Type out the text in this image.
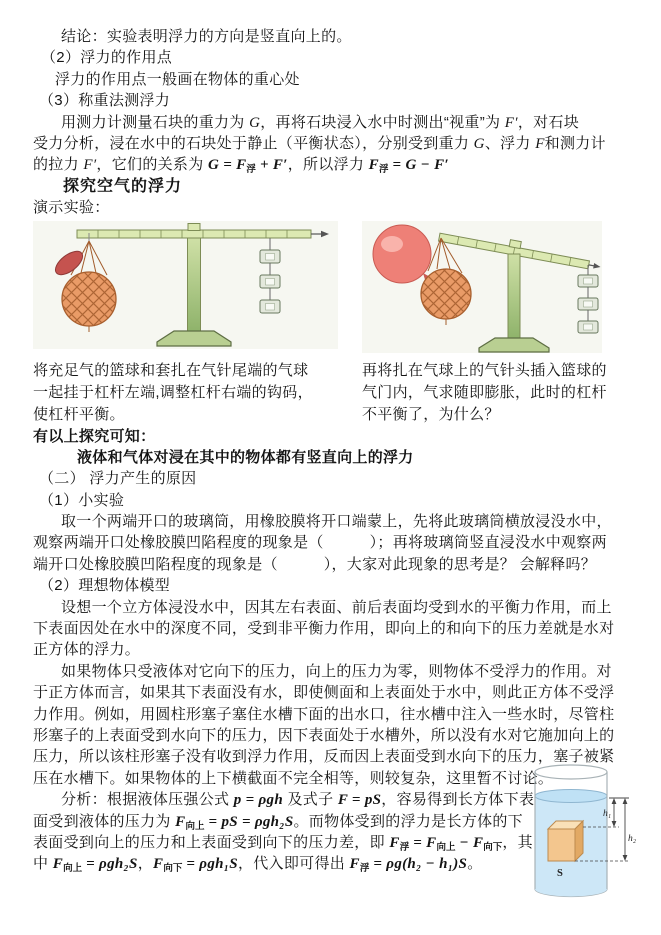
结论：实验表明浮力的方向是竖直向上的。
（2）浮力的作用点
浮力的作用点一般画在物体的重心处
（3）称重法测浮力
用测力计测量石块的重力为 G，再将石块浸入水中时测出“视重”为 F′，对石块
受力分析，浸在水中的石块处于静止（平衡状态），分别受到重力 G、浮力 F和测力计
的拉力 F′，它们的关系为 $G = F_浮 + F'$，所以浮力 $F_浮 = G - F'$
探究空气的浮力
演示实验：
将充足气的篮球和套扎在气针尾端的气球
一起挂于杠杆左端,调整杠杆右端的钩码，
使杠杆平衡。
再将扎在气球上的气针头插入篮球的
气门内，气求随即膨胀，此时的杠杆
不平衡了，为什么？
有以上探究可知：
液体和气体对浸在其中的物体都有竖直向上的浮力
（二） 浮力产生的原因
（1）小实验
取一个两端开口的玻璃筒，用橡胶膜将开口端蒙上，先将此玻璃筒横放浸没水中，
观察两端开口处橡胶膜凹陷程度的现象是（　　　）；再将玻璃筒竖直浸没水中观察两
端开口处橡胶膜凹陷程度的现象是（　　　），大家对此现象的思考是？ 会解释吗？
（2）理想物体模型
设想一个立方体浸没水中，因其左右表面、前后表面均受到水的平衡力作用，而上
下表面因处在水中的深度不同，受到非平衡力作用，即向上的和向下的压力差就是水对
正方体的浮力。
如果物体只受液体对它向下的压力，向上的压力为零，则物体不受浮力的作用。对
于正方体而言，如果其下表面没有水，即使侧面和上表面处于水中，则此正方体不受浮
力作用。例如，用圆柱形塞子塞住水槽下面的出水口，往水槽中注入一些水时，尽管柱
形塞子的上表面受到水向下的压力，因下表面处于水槽外，所以没有水对它施加向上的
压力，所以该柱形塞子没有收到浮力作用，反而因上表面受到水向下的压力，塞子被紧
压在水槽下。如果物体的上下横截面不完全相等，则较复杂，这里暂不讨论。
分析：根据液体压强公式 p = ρgh 及式子 F = pS，容易得到长方体下表
面受到液体的压力为 $F_{向上}$ = pS = ρgh₂S。而物体受到的浮力是长方体的下
表面受到向上的压力和上表面受到向下的压力差，即 $F_浮 = F_{向上} - F_{向下}$，其
中 $F_{向上} = \rho gh_2S$，$F_{向下} = \rho gh_1S$，代入即可得出 $F_浮 = \rho g(h_2 - h_1)S$。
h₁
h₂
S
